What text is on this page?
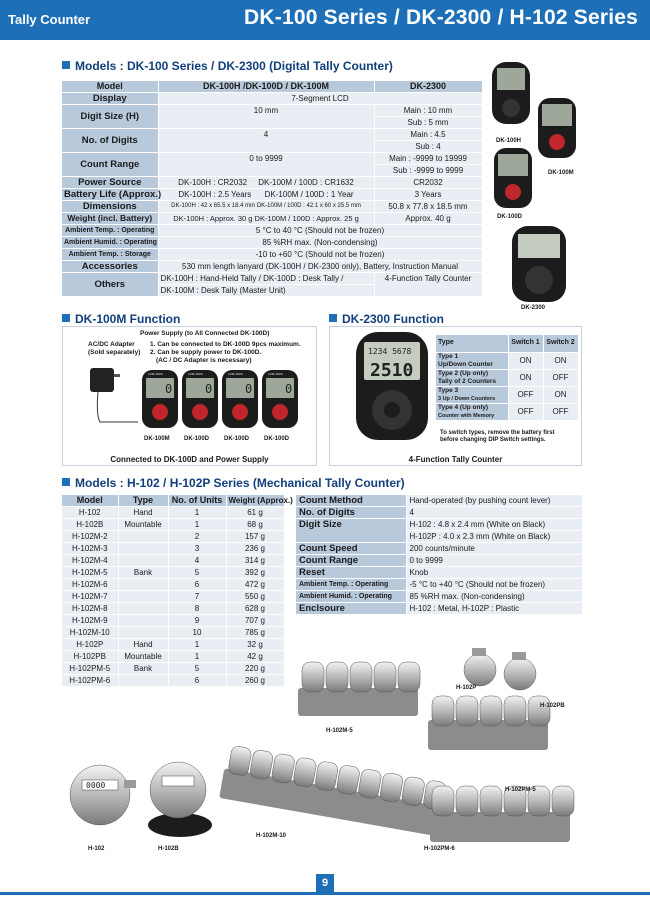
Tally Counter	DK-100 Series / DK-2300 / H-102 Series
Models : DK-100 Series / DK-2300 (Digital Tally Counter)
Model	DK-100H /DK-100D / DK-100M	DK-2300
Display	7-Segment LCD	
Digit Size (H)	10 mm	Main : 10 mm
		Sub : 5 mm
No. of Digits	4	Main : 4.5
		Sub : 4
Count Range	0 to 9999	Main : -9999 to 19999
		Sub : -9999 to 9999
Power Source	DK-100H : CR2032 DK-100M / 100D : CR1632	CR2032
Battery Life (Approx.)	DK-100H : 2.5 Years DK-100M / 100D : 1 Year	3 Years
Dimensions	DK-100H : 42 x 65.5 x 18.4 mm DK-100M / 100D : 42.1 x 60 x 25.5 mm	50.8 x 77.8 x 18.5 mm
Weight (incl. Battery)	DK-100H : Approx. 30 g DK-100M / 100D : Approx. 25 g	Approx. 40 g
Ambient Temp. : Operating	5 °C to 40 °C (Should not be frozen)	
Ambient Humid. : Operating	85 %RH max. (Non-condensing)	
Ambient Temp. : Storage	-10 to +60 °C (Should not be frozen)	
Accessories	530 mm length lanyard (DK-100H / DK-2300 only), Battery, Instruction Manual	
Others	DK-100H : Hand-Held Tally / DK-100D : Desk Tally /	4-Function Tally Counter
	DK-100M : Desk Tally (Master Unit)	
DK-100H
DK-100M
DK-100D
DK-2300
DK-100M Function
Power Supply (to All Connected DK-100D)
AC/DC Adapter
(Sold separately)
1. Can be connected to DK-100D 9pcs maximum.
2. Can be supply power to DK-100D.
(AC / DC Adapter is necessary)
0	0	0	0
LINE SEIKI	LINE SEIKI	LINE SEIKI	LINE SEIKI
DK-100M DK-100D DK-100D DK-100D
Connected to DK-100D and Power Supply
DK-2300 Function
1234 5678
2510
Type	Switch 1	Switch 2
Type 1
Up/Down Counter	ON	ON
Type 2 (Up only)
Tally of 2 Counters	ON	OFF
Type 3
3 Up / Down Counters	OFF	ON
Type 4 (Up only)
Counter with Memory	OFF	OFF
To switch types, remove the battery first
before changing DIP Switch settings.
4-Function Tally Counter
Models : H-102 / H-102P Series (Mechanical Tally Counter)
Model	Type	No. of Units	Weight (Approx.)
H-102	Hand	1	61 g
H-102B	Mountable	1	68 g
H-102M-2		2	157 g
H-102M-3		3	236 g
H-102M-4		4	314 g
H-102M-5	Bank	5	392 g
H-102M-6		6	472 g
H-102M-7		7	550 g
H-102M-8		8	628 g
H-102M-9		9	707 g
H-102M-10		10	785 g
H-102P	Hand	1	32 g
H-102PB	Mountable	1	42 g
H-102PM-5	Bank	5	220 g
H-102PM-6		6	260 g
Count Method	Hand-operated (by pushing count lever)
No. of Digits	4
Digit Size	H-102 : 4.8 x 2.4 mm (White on Black)
	H-102P : 4.0 x 2.3 mm (White on Black)
Count Speed	200 counts/minute
Count Range	0 to 9999
Reset	Knob
Ambient Temp. : Operating	-5 °C to +40 °C (Should not be frozen)
Ambient Humid. : Operating	85 %RH max. (Non-condensing)
Enclsoure	H-102 : Metal, H-102P : Plastic
0000
H-102P
H-102PB
H-102M-5
H-102PM-5
H-102	H-102B
H-102M-10
H-102PM-6
9
